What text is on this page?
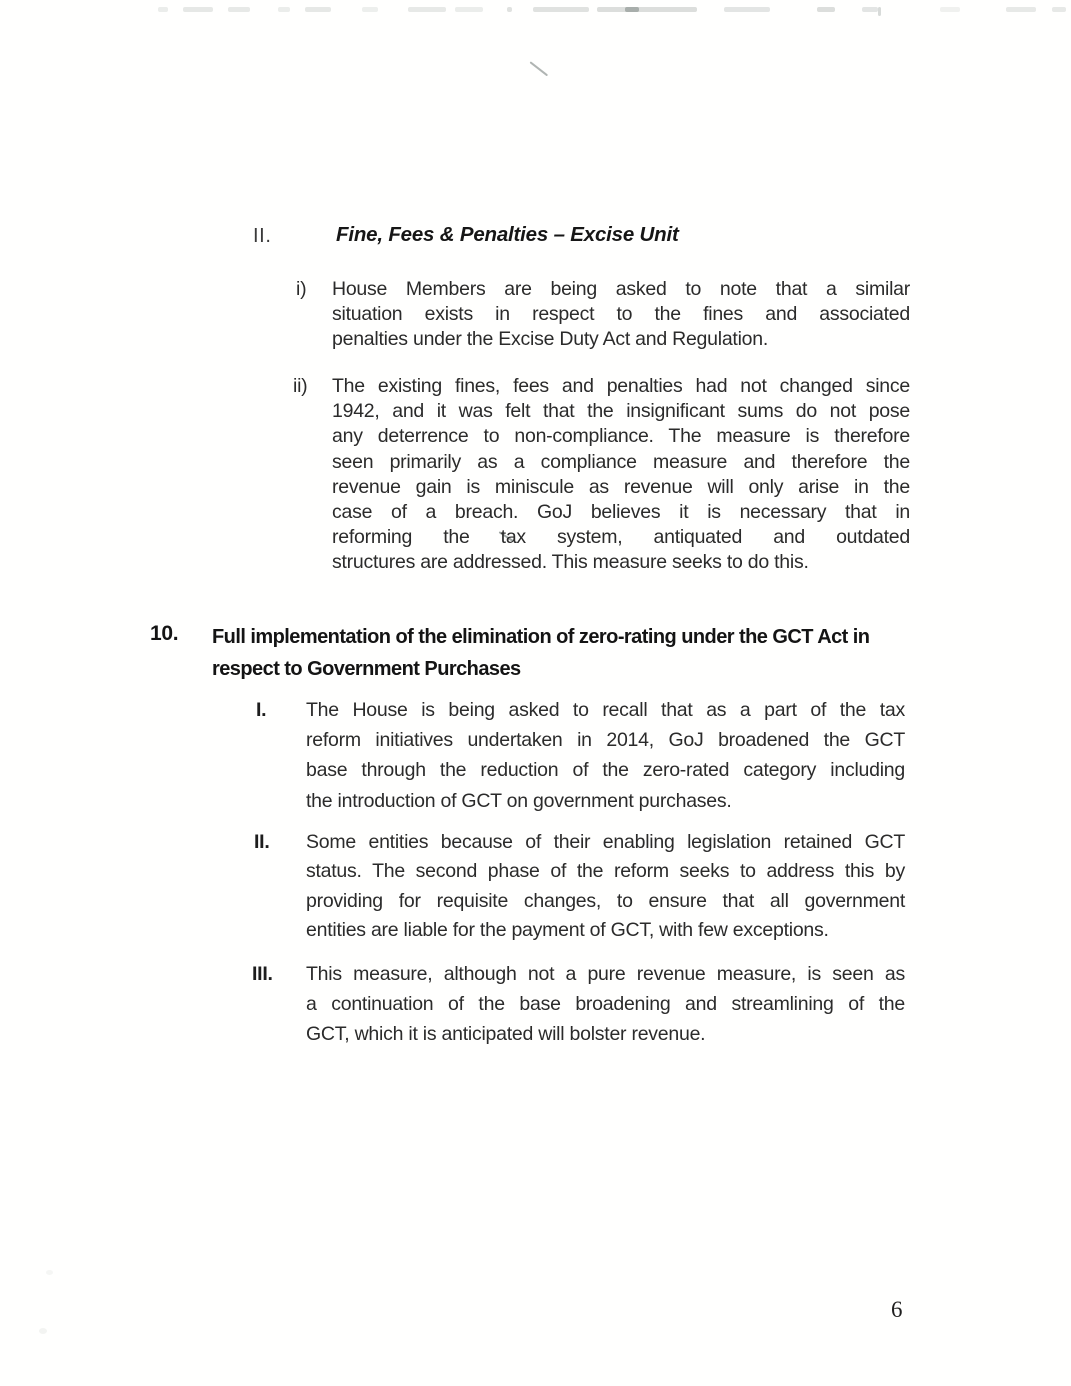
II.	Fine, Fees & Penalties – Excise Unit
i) House Members are being asked to note that a similar
situation exists in respect to the fines and associated
penalties under the Excise Duty Act and Regulation.
ii) The existing fines, fees and penalties had not changed since
1942, and it was felt that the insignificant sums do not pose
any deterrence to non-compliance. The measure is therefore
seen primarily as a compliance measure and therefore the
revenue gain is miniscule as revenue will only arise in the
case of a breach. GoJ believes it is necessary that in
reforming the tax system, antiquated and outdated
structures are addressed. This measure seeks to do this.
10. Full implementation of the elimination of zero-rating under the GCT Act in
respect to Government Purchases
I. The House is being asked to recall that as a part of the tax
reform initiatives undertaken in 2014, GoJ broadened the GCT
base through the reduction of the zero-rated category including
the introduction of GCT on government purchases.
II. Some entities because of their enabling legislation retained GCT
status. The second phase of the reform seeks to address this by
providing for requisite changes, to ensure that all government
entities are liable for the payment of GCT, with few exceptions.
III. This measure, although not a pure revenue measure, is seen as
a continuation of the base broadening and streamlining of the
GCT, which it is anticipated will bolster revenue.
6
